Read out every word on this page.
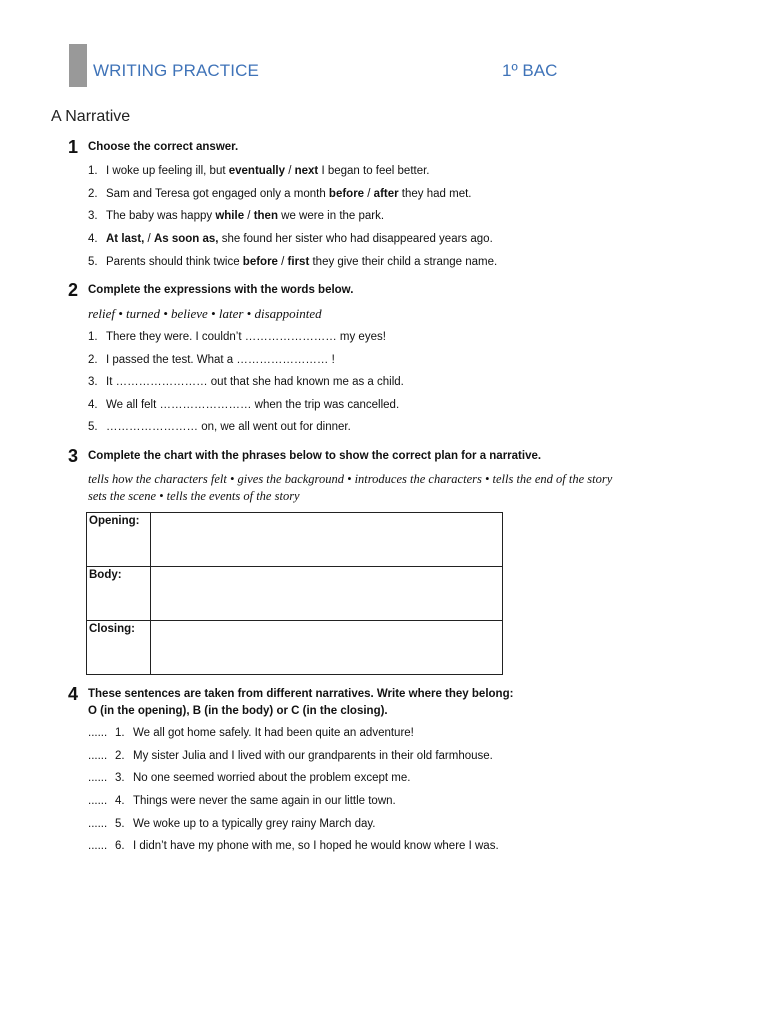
WRITING PRACTICE	1º BAC
A Narrative
1 Choose the correct answer.
1. I woke up feeling ill, but eventually / next I began to feel better.
2. Sam and Teresa got engaged only a month before / after they had met.
3. The baby was happy while / then we were in the park.
4. At last, / As soon as, she found her sister who had disappeared years ago.
5. Parents should think twice before / first they give their child a strange name.
2 Complete the expressions with the words below.
relief • turned • believe • later • disappointed
1. There they were. I couldn’t …………………… my eyes!
2. I passed the test. What a …………………… !
3. It …………………… out that she had known me as a child.
4. We all felt …………………… when the trip was cancelled.
5. …………………… on, we all went out for dinner.
3 Complete the chart with the phrases below to show the correct plan for a narrative.
tells how the characters felt • gives the background • introduces the characters • tells the end of the story
sets the scene • tells the events of the story
Opening:	
Body:	
Closing:	
4 These sentences are taken from different narratives. Write where they belong:
O (in the opening), B (in the body) or C (in the closing).
...... 1. We all got home safely. It had been quite an adventure!
...... 2. My sister Julia and I lived with our grandparents in their old farmhouse.
...... 3. No one seemed worried about the problem except me.
...... 4. Things were never the same again in our little town.
...... 5. We woke up to a typically grey rainy March day.
...... 6. I didn’t have my phone with me, so I hoped he would know where I was.
